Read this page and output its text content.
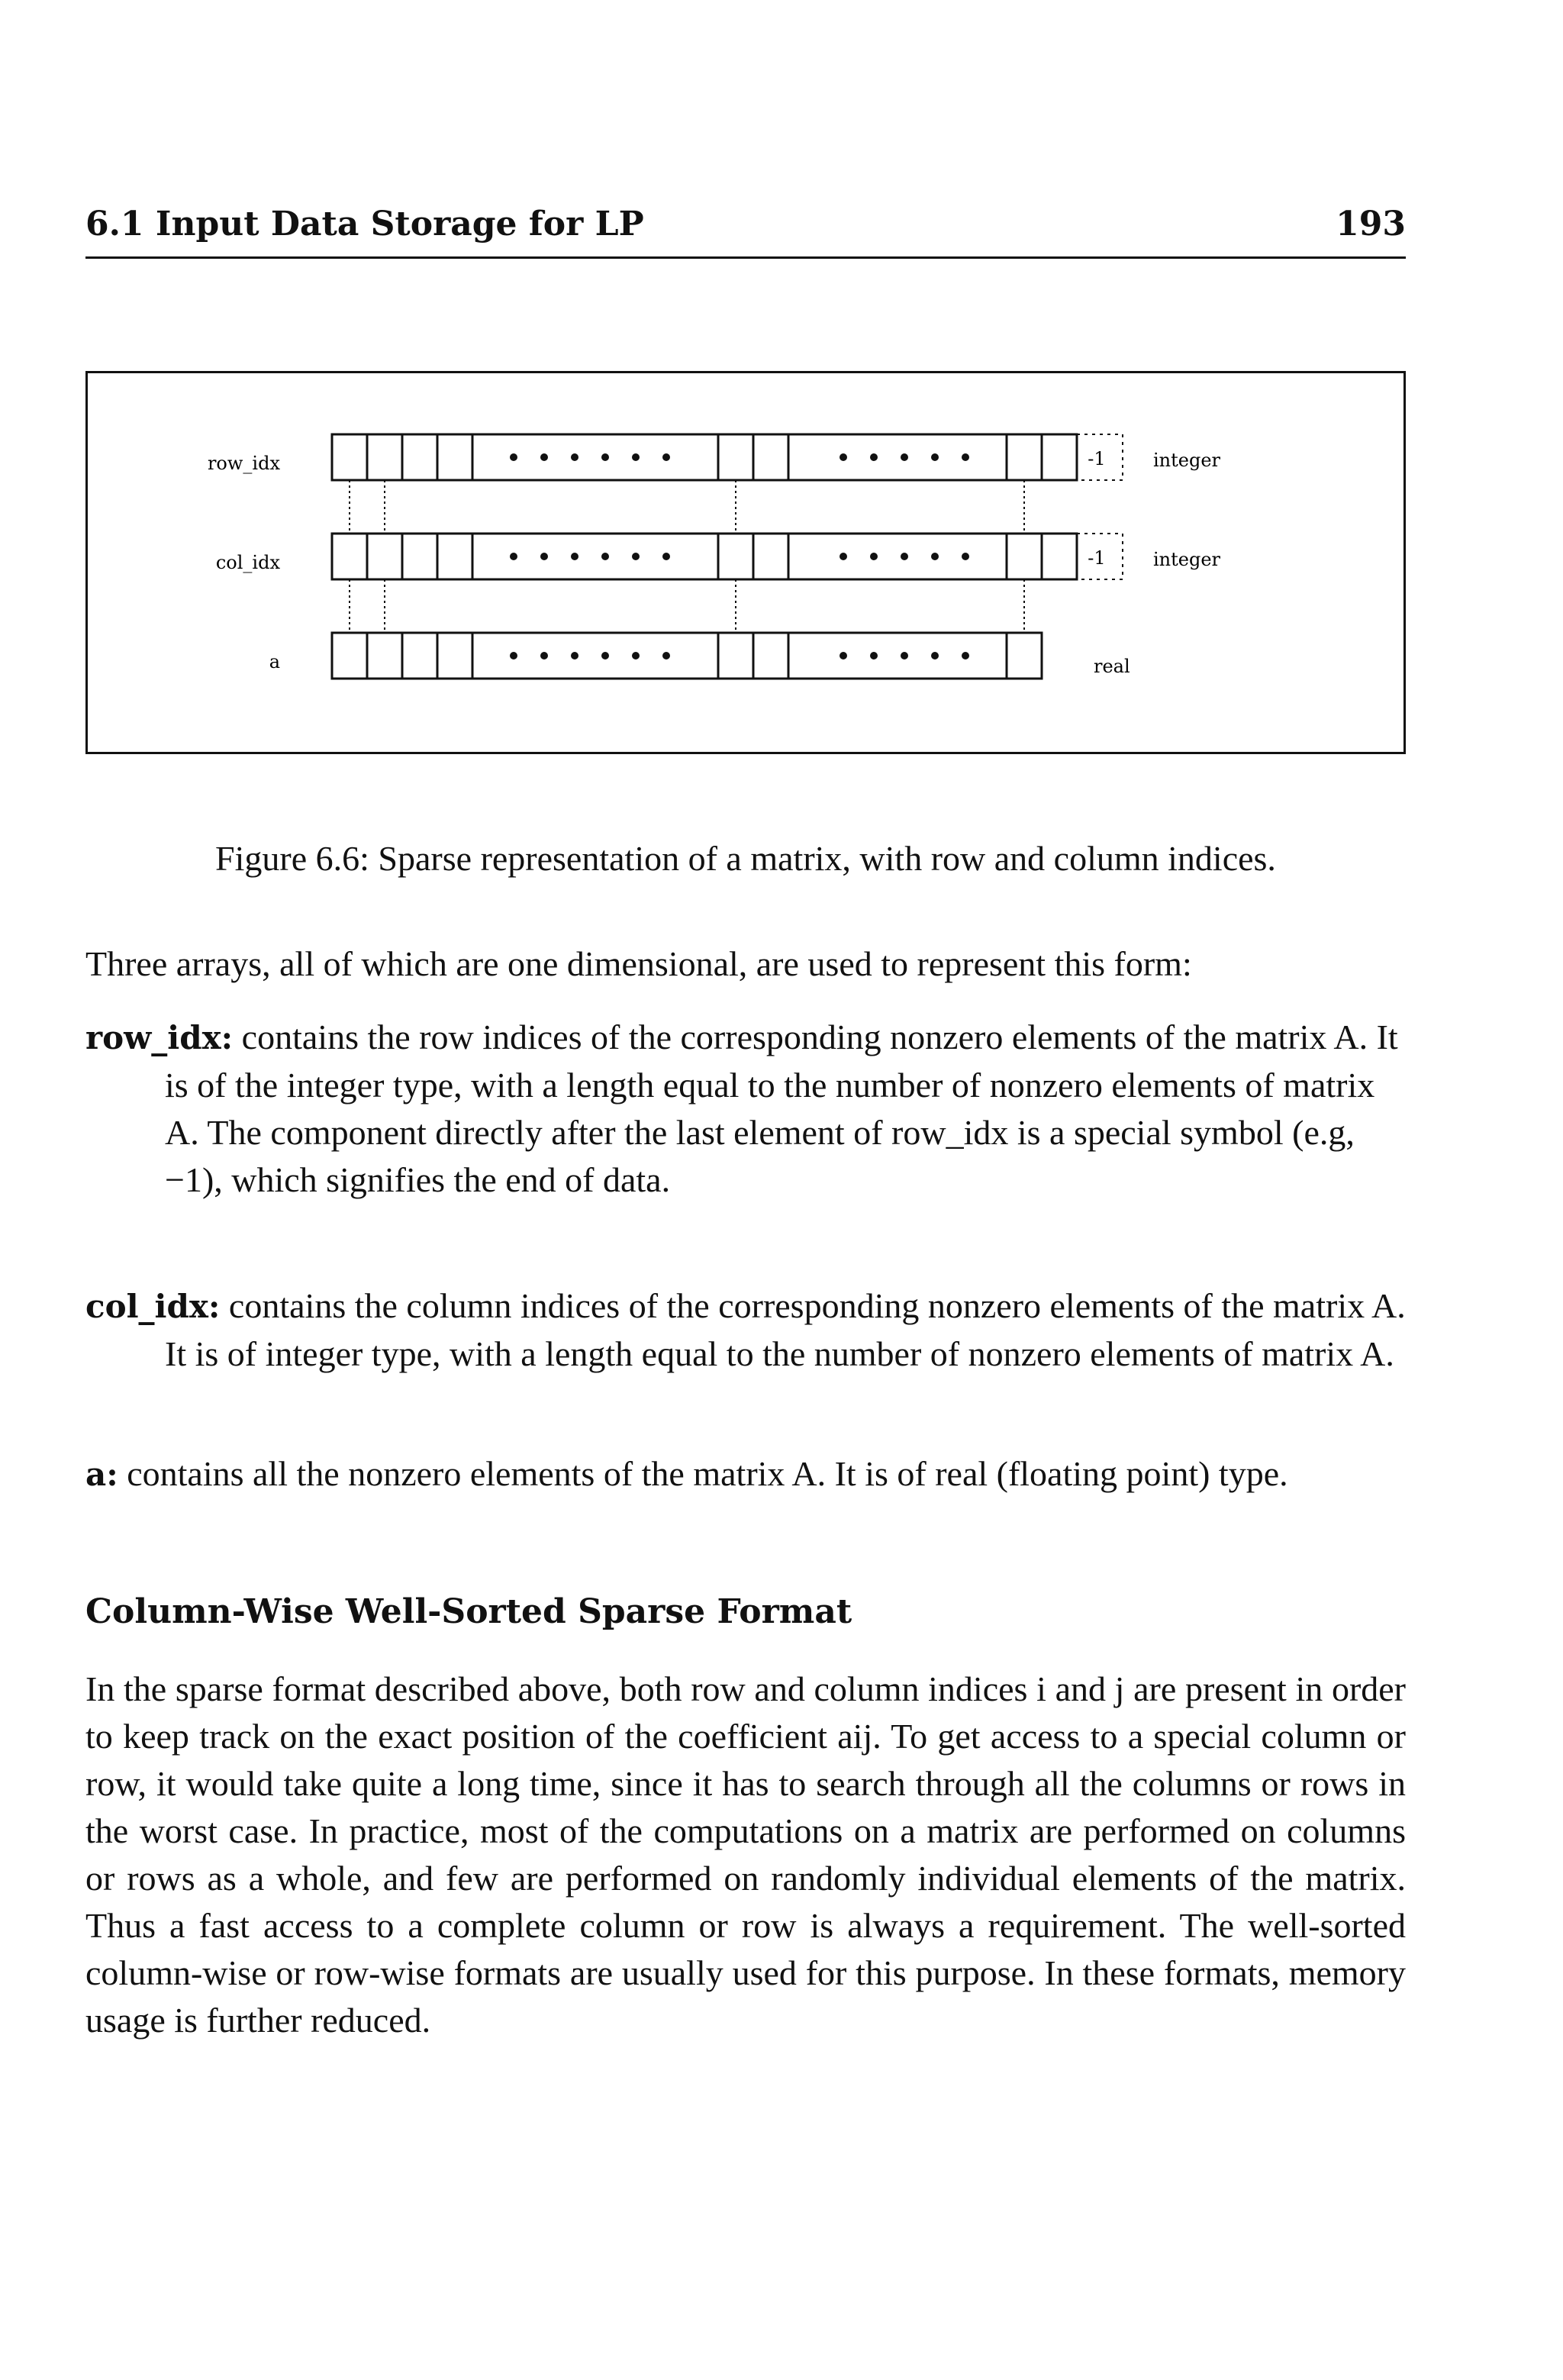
6.1 Input Data Storage for LP	193
row_idx	-1	integer
col_idx	-1	integer
a	real
Figure 6.6: Sparse representation of a matrix, with row and column indices.
Three arrays, all of which are one dimensional, are used to represent this form:
row_idx: contains the row indices of the corresponding nonzero elements of the matrix A. It is of the integer type, with a length equal to the number of nonzero elements of matrix A. The component directly after the last element of row_idx is a special symbol (e.g, −1), which signifies the end of data.
col_idx: contains the column indices of the corresponding nonzero elements of the matrix A. It is of integer type, with a length equal to the number of nonzero elements of matrix A.
a: contains all the nonzero elements of the matrix A. It is of real (floating point) type.
Column-Wise Well-Sorted Sparse Format
In the sparse format described above, both row and column indices i and j are present in order to keep track on the exact position of the coefficient aij. To get access to a special column or row, it would take quite a long time, since it has to search through all the columns or rows in the worst case. In practice, most of the computations on a matrix are performed on columns or rows as a whole, and few are performed on randomly individual elements of the matrix. Thus a fast access to a complete column or row is always a requirement. The well-sorted column-wise or row-wise formats are usually used for this purpose. In these formats, memory usage is further reduced.
